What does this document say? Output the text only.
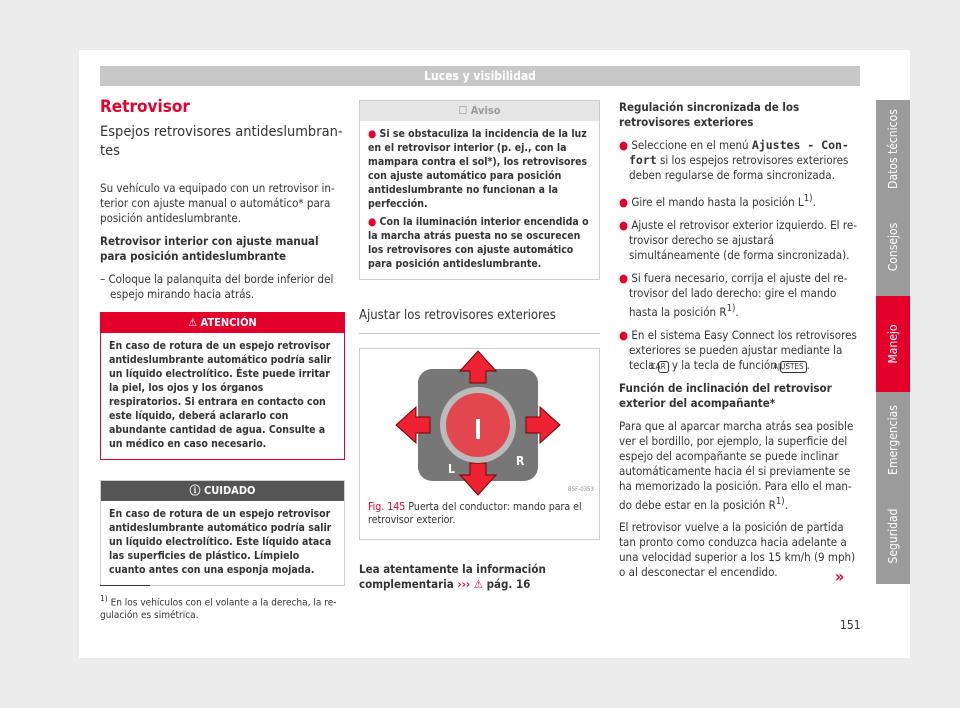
Luces y visibilidad
Retrovisor
Espejos retrovisores antideslumbrantes
Su vehículo va equipado con un retrovisor interior con ajuste manual o automático* para posición antideslumbrante.
Retrovisor interior con ajuste manual para posición antideslumbrante
– Coloque la palanquita del borde inferior del espejo mirando hacia atrás.
⚠ ATENCIÓN
En caso de rotura de un espejo retrovisor antideslumbrante automático podría salir un líquido electrolítico. Éste puede irritar la piel, los ojos y los órganos respiratorios. Si entrara en contacto con este líquido, deberá aclararlo con abundante cantidad de agua. Consulte a un médico en caso necesario.
ⓘ CUIDADO
En caso de rotura de un espejo retrovisor antideslumbrante automático podría salir un líquido electrolítico. Este líquido ataca las superficies de plástico. Límpielo cuanto antes con una esponja mojada.
☐ Aviso
● Si se obstaculiza la incidencia de la luz en el retrovisor interior (p. ej., con la mampara contra el sol*), los retrovisores con ajuste automático para posición antideslumbrante no funcionan a la perfección.
● Con la iluminación interior encendida o la marcha atrás puesta no se oscurecen los retrovisores con ajuste automático para posición antideslumbrante.
Ajustar los retrovisores exteriores
L
R
B5F-0353
Fig. 145 Puerta del conductor: mando para el retrovisor exterior.
Lea atentamente la información complementaria ››› ⚠ pág. 16
Regulación sincronizada de los retrovisores exteriores
● Seleccione en el menú Ajustes - Confort si los espejos retrovisores exteriores deben regularse de forma sincronizada.
● Gire el mando hasta la posición $L^{1)}$.
● Ajuste el retrovisor exterior izquierdo. El retrovisor derecho se ajustará simultáneamente (de forma sincronizada).
● Si fuera necesario, corrija el ajuste del retrovisor del lado derecho: gire el mando hasta la posición $R^{1)}$.
● En el sistema Easy Connect los retrovisores exteriores se pueden ajustar mediante la tecla CAR y la tecla de función AJUSTES .
Función de inclinación del retrovisor exterior del acompañante*
Para que al aparcar marcha atrás sea posible ver el bordillo, por ejemplo, la superficie del espejo del acompañante se puede inclinar automáticamente hacia él si previamente se ha memorizado la posición. Para ello el mando debe estar en la posición $R^{1)}$.
El retrovisor vuelve a la posición de partida tan pronto como conduzca hacia adelante a una velocidad superior a los 15 km/h (9 mph) o al desconectar el encendido.	»
$^{1)}$ En los vehículos con el volante a la derecha, la regulación es simétrica.
151
Datos técnicos
Consejos
Manejo
Emergencias
Seguridad
